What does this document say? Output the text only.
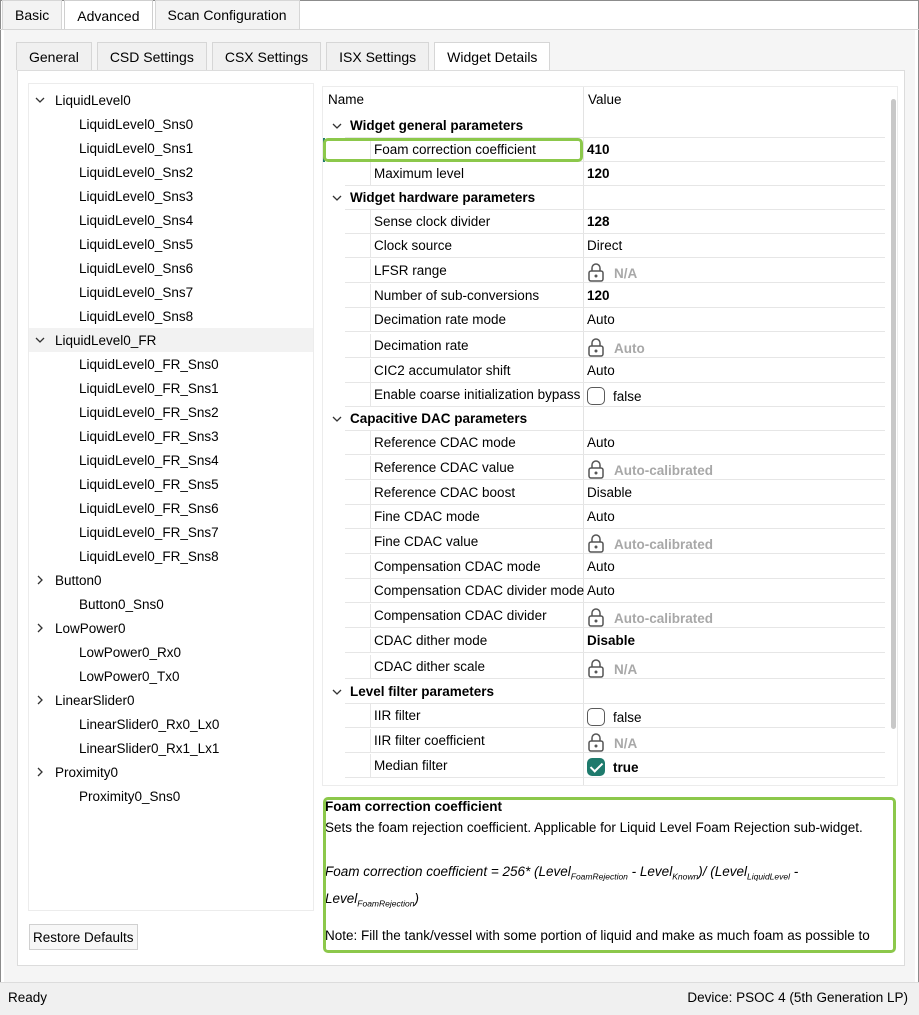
Basic	Advanced	Scan Configuration
General	CSD Settings	CSX Settings	ISX Settings	Widget Details
LiquidLevel0
LiquidLevel0_Sns0
LiquidLevel0_Sns1
LiquidLevel0_Sns2
LiquidLevel0_Sns3
LiquidLevel0_Sns4
LiquidLevel0_Sns5
LiquidLevel0_Sns6
LiquidLevel0_Sns7
LiquidLevel0_Sns8
LiquidLevel0_FR
LiquidLevel0_FR_Sns0
LiquidLevel0_FR_Sns1
LiquidLevel0_FR_Sns2
LiquidLevel0_FR_Sns3
LiquidLevel0_FR_Sns4
LiquidLevel0_FR_Sns5
LiquidLevel0_FR_Sns6
LiquidLevel0_FR_Sns7
LiquidLevel0_FR_Sns8
Button0
Button0_Sns0
LowPower0
LowPower0_Rx0
LowPower0_Tx0
LinearSlider0
LinearSlider0_Rx0_Lx0
LinearSlider0_Rx1_Lx1
Proximity0
Proximity0_Sns0
Restore Defaults
Name	Value
Widget general parameters
Foam correction coefficient	410
Maximum level	120
Widget hardware parameters
Sense clock divider	128
Clock source	Direct
LFSR range	N/A
Number of sub-conversions	120
Decimation rate mode	Auto
Decimation rate	Auto
CIC2 accumulator shift	Auto
Enable coarse initialization bypass false
Capacitive DAC parameters
Reference CDAC mode	Auto
Reference CDAC value	Auto-calibrated
Reference CDAC boost	Disable
Fine CDAC mode	Auto
Fine CDAC value	Auto-calibrated
Compensation CDAC mode	Auto
Compensation CDAC divider mode Auto
Compensation CDAC divider	Auto-calibrated
CDAC dither mode	Disable
CDAC dither scale	N/A
Level filter parameters
IIR filter	false
IIR filter coefficient	N/A
Median filter	true
Foam correction coefficient
Sets the foam rejection coefficient. Applicable for Liquid Level Foam Rejection sub-widget.
Foam correction coefficient = 256* (Level$_{FoamRejection}$ - Level$_{Known}$)/ (Level$_{LiquidLevel}$ - Level$_{FoamRejection}$)
Note: Fill the tank/vessel with some portion of liquid and make as much foam as possible to
Ready	Device: PSOC 4 (5th Generation LP)
